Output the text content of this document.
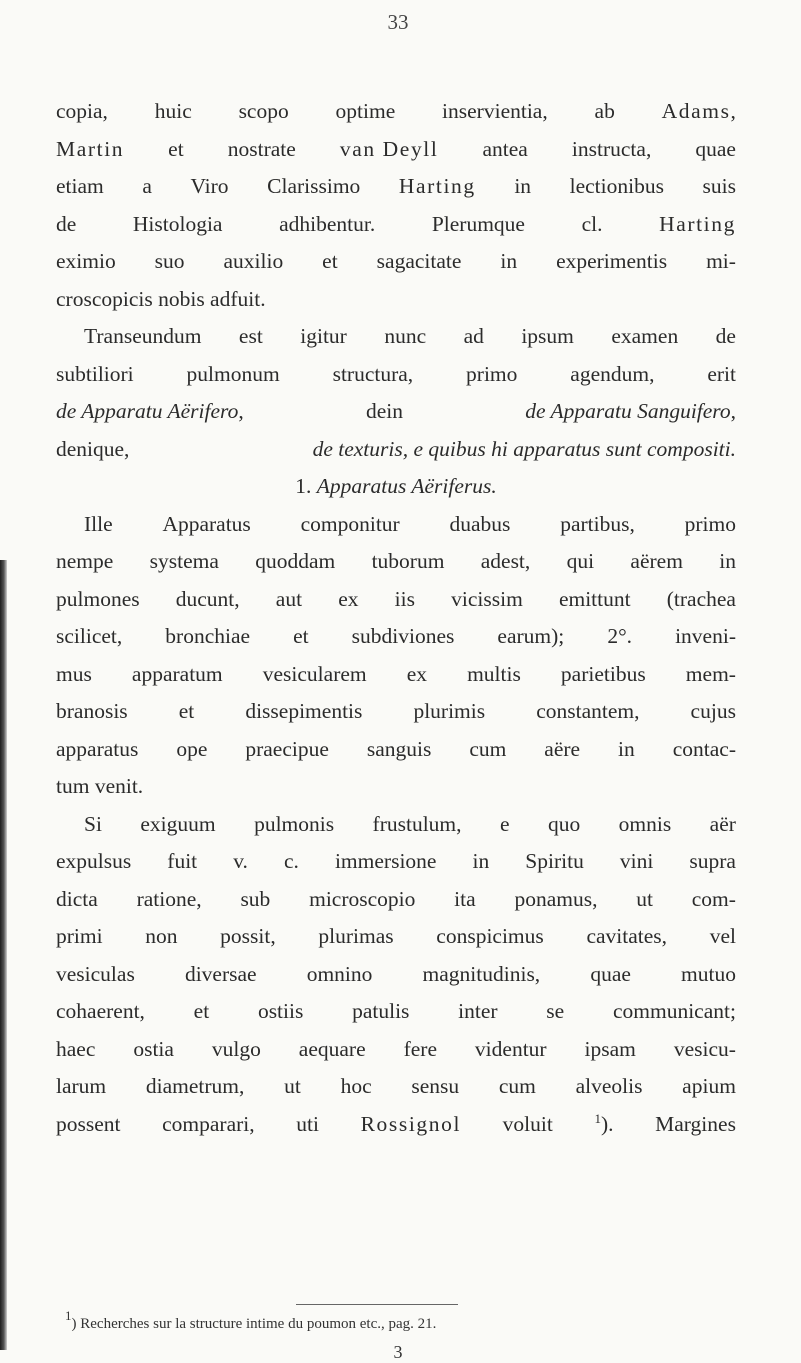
33
copia, huic scopo optime inservientia, ab Adams,
Martin et nostrate van Deyll antea instructa, quae
etiam a Viro Clarissimo Harting in lectionibus suis
de	Histologia	adhibentur.	Plerumque	cl.	Harting
eximio suo auxilio et sagacitate in experimentis mi-
croscopicis nobis adfuit.
Transeundum est igitur nunc ad ipsum examen de
subtiliori pulmonum structura, primo agendum, erit
de Apparatu Aërifero,	dein	de Apparatu Sanguifero,
denique,	de texturis, e quibus hi apparatus sunt compositi.
1. Apparatus Aëriferus.
Ille Apparatus componitur duabus partibus, primo
nempe systema quoddam tuborum adest, qui aërem in
pulmones ducunt, aut ex iis vicissim emittunt (trachea
scilicet, bronchiae et subdiviones earum); 2°. inveni-
mus apparatum vesicularem ex multis parietibus mem-
branosis et dissepimentis plurimis constantem, cujus
apparatus ope praecipue sanguis cum aëre in contac-
tum venit.
Si exiguum pulmonis frustulum, e quo omnis aër
expulsus fuit v. c. immersione in Spiritu vini supra
dicta ratione, sub microscopio ita ponamus, ut com-
primi non possit, plurimas conspicimus cavitates, vel
vesiculas diversae omnino magnitudinis, quae mutuo
cohaerent, et ostiis patulis inter se communicant;
haec ostia vulgo aequare fere videntur ipsam vesicu-
larum diametrum, ut hoc sensu cum alveolis apium
possent comparari, uti Rossignol voluit	$^1$). Margines
$^1$) Recherches sur la structure intime du poumon etc., pag. 21.
3
